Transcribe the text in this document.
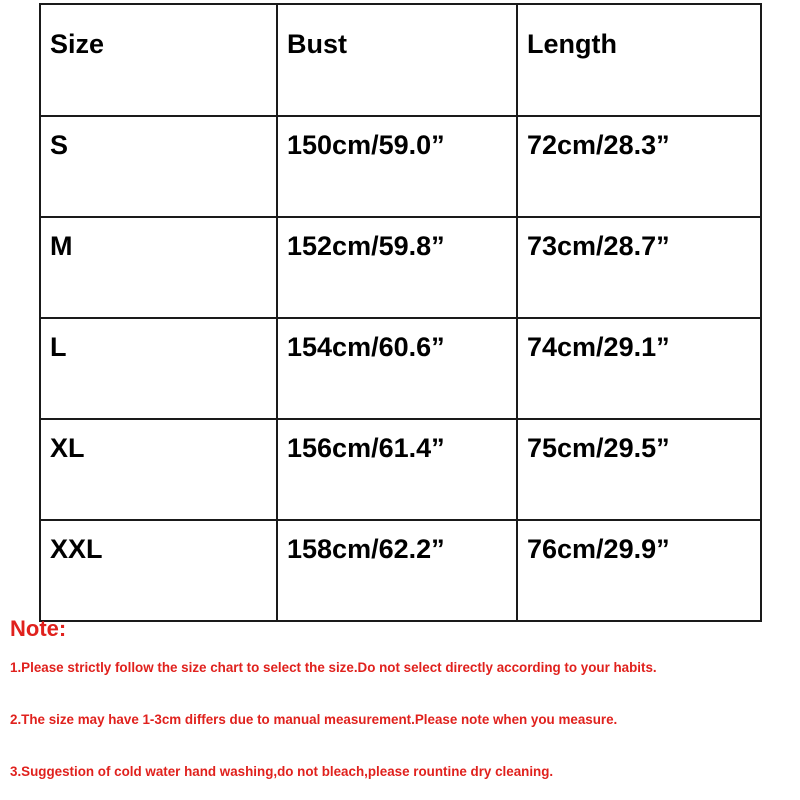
Size	Bust	Length
S	150cm/59.0”	72cm/28.3”
M	152cm/59.8”	73cm/28.7”
L	154cm/60.6”	74cm/29.1”
XL	156cm/61.4”	75cm/29.5”
XXL	158cm/62.2”	76cm/29.9”

Note:

1.Please strictly follow the size chart to select the size.Do not select directly according to your habits.

2.The size may have 1-3cm differs due to manual measurement.Please note when you measure.

3.Suggestion of cold water hand washing,do not bleach,please rountine dry cleaning.
